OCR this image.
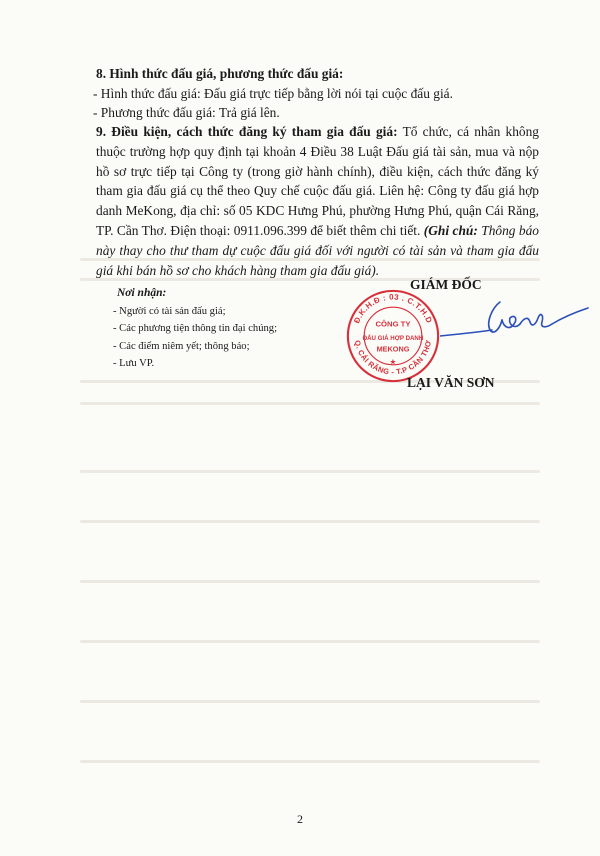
8. Hình thức đấu giá, phương thức đấu giá:
- Hình thức đấu giá: Đấu giá trực tiếp bằng lời nói tại cuộc đấu giá.
- Phương thức đấu giá: Trả giá lên.
9. Điều kiện, cách thức đăng ký tham gia đấu giá: Tổ chức, cá nhân không thuộc trường hợp quy định tại khoản 4 Điều 38 Luật Đấu giá tài sản, mua và nộp hồ sơ trực tiếp tại Công ty (trong giờ hành chính), điều kiện, cách thức đăng ký tham gia đấu giá cụ thể theo Quy chế cuộc đấu giá. Liên hệ: Công ty đấu giá hợp danh MeKong, địa chỉ: số 05 KDC Hưng Phú, phường Hưng Phú, quận Cái Răng, TP. Cần Thơ. Điện thoại: 0911.096.399 để biết thêm chi tiết. (Ghi chú: Thông báo này thay cho thư tham dự cuộc đấu giá đối với người có tài sản và tham gia đấu giá khi bán hồ sơ cho khách hàng tham gia đấu giá).
Nơi nhận:
- Người có tài sản đấu giá;
- Các phương tiện thông tin đại chúng;
- Các điểm niêm yết; thông báo;
- Lưu VP.
GIÁM ĐỐC
Đ.K.H.Đ : 03 . C.T.H.D
Q. CÁI RĂNG - T.P CẦN THƠ
CÔNG TY
ĐẤU GIÁ HỢP DANH
MEKONG
★
LẠI VĂN SƠN
2
